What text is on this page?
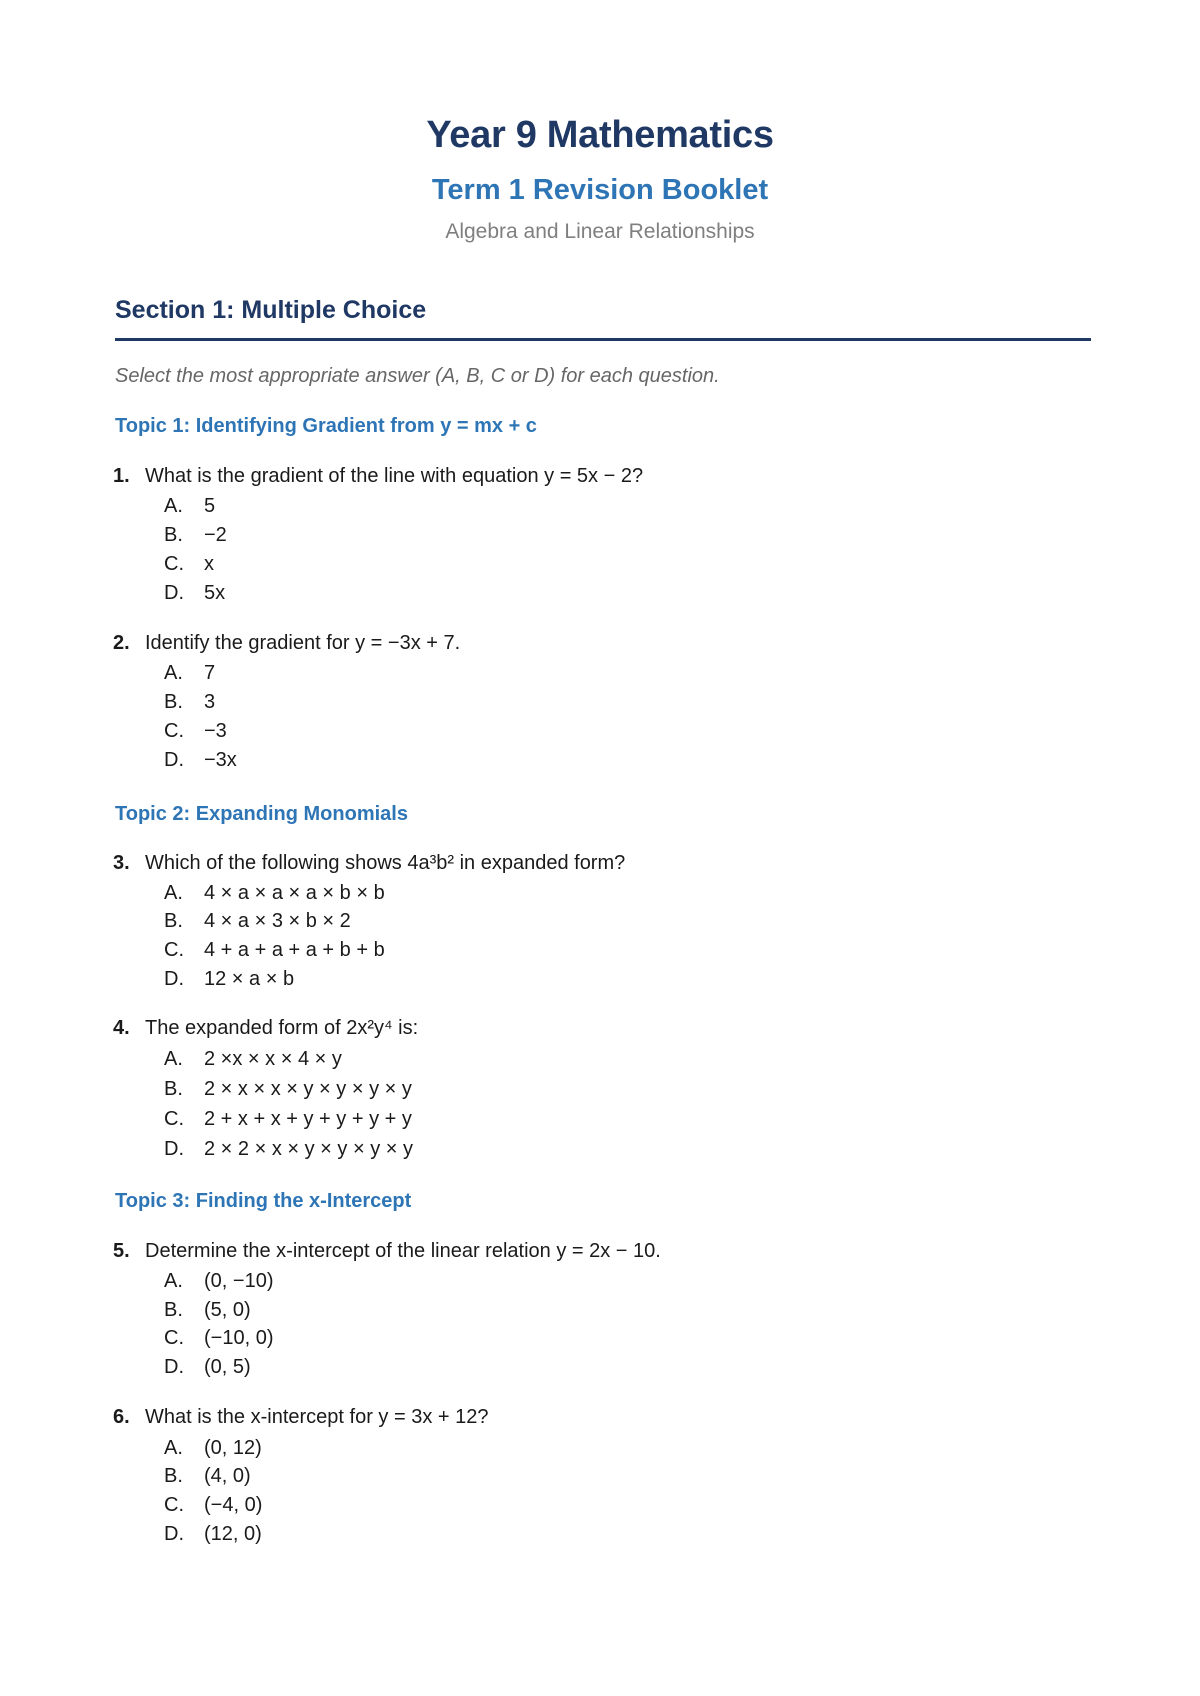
Year 9 Mathematics
Term 1 Revision Booklet
Algebra and Linear Relationships
Section 1: Multiple Choice
Select the most appropriate answer (A, B, C or D) for each question.
Topic 1: Identifying Gradient from y = mx + c
1. What is the gradient of the line with equation y = 5x − 2?
A. 5
B. −2
C. x
D. 5x
2. Identify the gradient for y = −3x + 7.
A. 7
B. 3
C. −3
D. −3x
Topic 2: Expanding Monomials
3. Which of the following shows 4a³b² in expanded form?
A. 4 × a × a × a × b × b
B. 4 × a × 3 × b × 2
C. 4 + a + a + a + b + b
D. 12 × a × b
4. The expanded form of 2x²y⁴ is:
A. 2 ×x × x × 4 × y
B. 2 × x × x × y × y × y × y
C. 2 + x + x + y + y + y + y
D. 2 × 2 × x × y × y × y × y
Topic 3: Finding the x-Intercept
5. Determine the x-intercept of the linear relation y = 2x − 10.
A. (0, −10)
B. (5, 0)
C. (−10, 0)
D. (0, 5)
6. What is the x-intercept for y = 3x + 12?
A. (0, 12)
B. (4, 0)
C. (−4, 0)
D. (12, 0)
